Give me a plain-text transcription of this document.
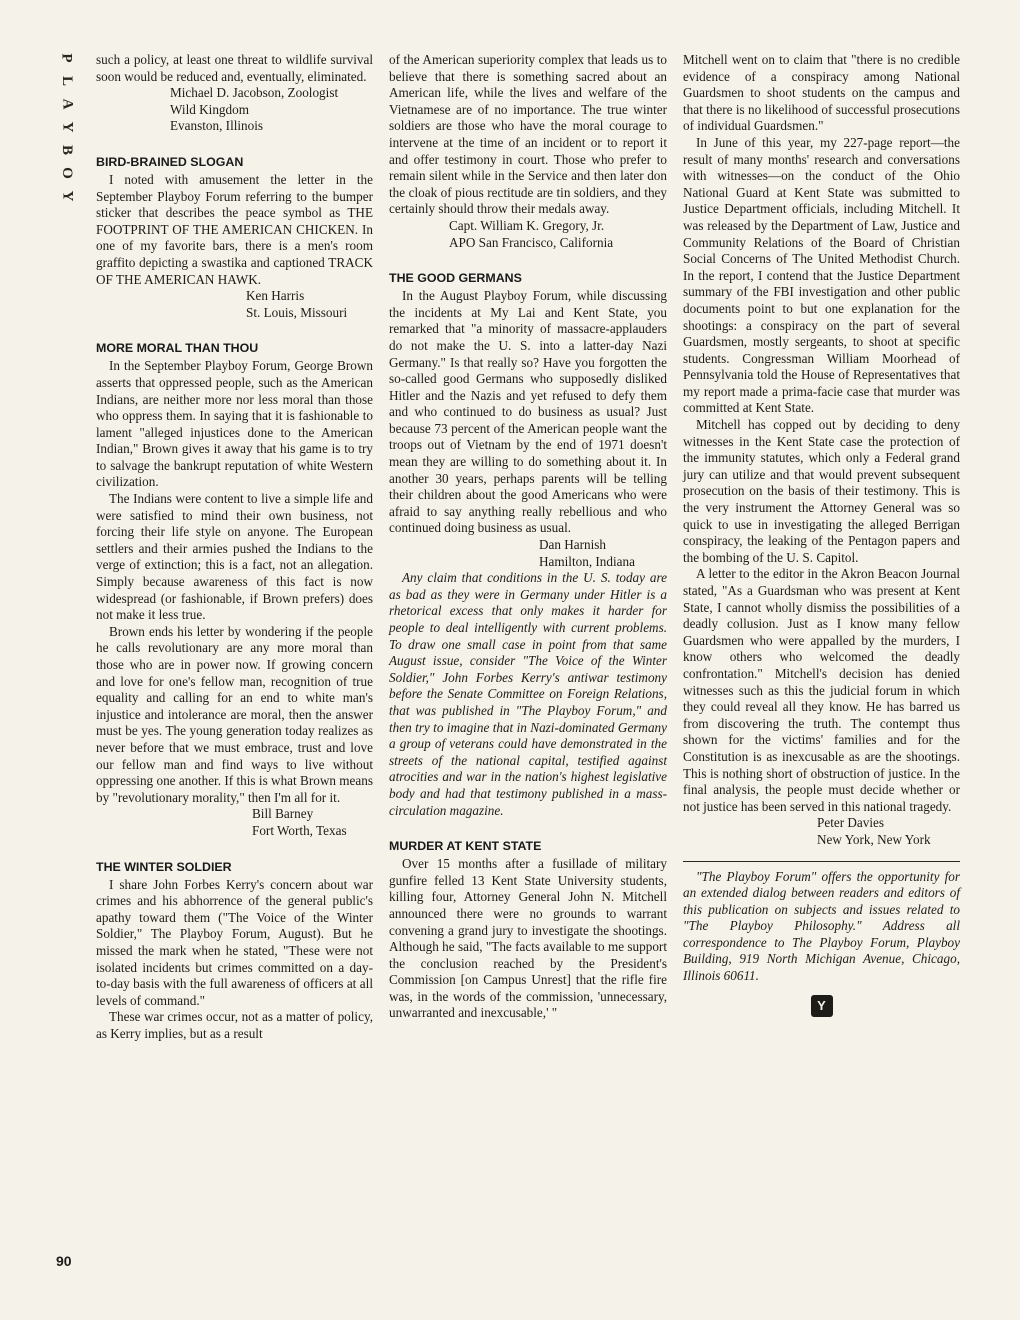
P
L
A
Y
B
O
Y
90

such a policy, at least one threat to wildlife survival soon would be reduced and, eventually, eliminated.

Michael D. Jacobson, Zoologist
Wild Kingdom
Evanston, Illinois
BIRD-BRAINED SLOGAN

I noted with amusement the letter in the September Playboy Forum referring to the bumper sticker that describes the peace symbol as THE FOOTPRINT OF THE AMERICAN CHICKEN. In one of my favorite bars, there is a men's room graffito depicting a swastika and captioned TRACK OF THE AMERICAN HAWK.

Ken Harris
St. Louis, Missouri
MORE MORAL THAN THOU

In the September Playboy Forum, George Brown asserts that oppressed people, such as the American Indians, are neither more nor less moral than those who oppress them. In saying that it is fashionable to lament "alleged injustices done to the American Indian," Brown gives it away that his game is to try to salvage the bankrupt reputation of white Western civilization.

The Indians were content to live a simple life and were satisfied to mind their own business, not forcing their life style on anyone. The European settlers and their armies pushed the Indians to the verge of extinction; this is a fact, not an allegation. Simply because awareness of this fact is now widespread (or fashionable, if Brown prefers) does not make it less true.

Brown ends his letter by wondering if the people he calls revolutionary are any more moral than those who are in power now. If growing concern and love for one's fellow man, recognition of true equality and calling for an end to white man's injustice and intolerance are moral, then the answer must be yes. The young generation today realizes as never before that we must embrace, trust and love our fellow man and find ways to live without oppressing one another. If this is what Brown means by "revolutionary morality," then I'm all for it.

Bill Barney
Fort Worth, Texas
THE WINTER SOLDIER

I share John Forbes Kerry's concern about war crimes and his abhorrence of the general public's apathy toward them ("The Voice of the Winter Soldier," The Playboy Forum, August). But he missed the mark when he stated, "These were not isolated incidents but crimes committed on a day-to-day basis with the full awareness of officers at all levels of command."

These war crimes occur, not as a matter of policy, as Kerry implies, but as a result

of the American superiority complex that leads us to believe that there is something sacred about an American life, while the lives and welfare of the Vietnamese are of no importance. The true winter soldiers are those who have the moral courage to intervene at the time of an incident or to report it and offer testimony in court. Those who prefer to remain silent while in the Service and then later don the cloak of pious rectitude are tin soldiers, and they certainly should throw their medals away.

Capt. William K. Gregory, Jr.
APO San Francisco, California
THE GOOD GERMANS

In the August Playboy Forum, while discussing the incidents at My Lai and Kent State, you remarked that "a minority of massacre-applauders do not make the U. S. into a latter-day Nazi Germany." Is that really so? Have you forgotten the so-called good Germans who supposedly disliked Hitler and the Nazis and yet refused to defy them and who continued to do business as usual? Just because 73 percent of the American people want the troops out of Vietnam by the end of 1971 doesn't mean they are willing to do something about it. In another 30 years, perhaps parents will be telling their children about the good Americans who were afraid to say anything really rebellious and who continued doing business as usual.

Dan Harnish
Hamilton, Indiana

Any claim that conditions in the U. S. today are as bad as they were in Germany under Hitler is a rhetorical excess that only makes it harder for people to deal intelligently with current problems. To draw one small case in point from that same August issue, consider "The Voice of the Winter Soldier," John Forbes Kerry's antiwar testimony before the Senate Committee on Foreign Relations, that was published in "The Playboy Forum," and then try to imagine that in Nazi-dominated Germany a group of veterans could have demonstrated in the streets of the national capital, testified against atrocities and war in the nation's highest legislative body and had that testimony published in a mass-circulation magazine.

MURDER AT KENT STATE

Over 15 months after a fusillade of military gunfire felled 13 Kent State University students, killing four, Attorney General John N. Mitchell announced there were no grounds to warrant convening a grand jury to investigate the shootings. Although he said, "The facts available to me support the conclusion reached by the President's Commission [on Campus Unrest] that the rifle fire was, in the words of the commission, 'unnecessary, unwarranted and inexcusable,' "

Mitchell went on to claim that "there is no credible evidence of a conspiracy among National Guardsmen to shoot students on the campus and that there is no likelihood of successful prosecutions of individual Guardsmen."

In June of this year, my 227-page report—the result of many months' research and conversations with witnesses—on the conduct of the Ohio National Guard at Kent State was submitted to Justice Department officials, including Mitchell. It was released by the Department of Law, Justice and Community Relations of the Board of Christian Social Concerns of The United Methodist Church. In the report, I contend that the Justice Department summary of the FBI investigation and other public documents point to but one explanation for the shootings: a conspiracy on the part of several Guardsmen, mostly sergeants, to shoot at specific students. Congressman William Moorhead of Pennsylvania told the House of Representatives that my report made a prima-facie case that murder was committed at Kent State.

Mitchell has copped out by deciding to deny witnesses in the Kent State case the protection of the immunity statutes, which only a Federal grand jury can utilize and that would prevent subsequent prosecution on the basis of their testimony. This is the very instrument the Attorney General was so quick to use in investigating the alleged Berrigan conspiracy, the leaking of the Pentagon papers and the bombing of the U. S. Capitol.

A letter to the editor in the Akron Beacon Journal stated, "As a Guardsman who was present at Kent State, I cannot wholly dismiss the possibilities of a deadly collusion. Just as I know many fellow Guardsmen who were appalled by the murders, I know others who welcomed the deadly confrontation." Mitchell's decision has denied witnesses such as this the judicial forum in which they could reveal all they know. He has barred us from discovering the truth. The contempt thus shown for the victims' families and for the Constitution is as inexcusable as are the shootings. This is nothing short of obstruction of justice. In the final analysis, the people must decide whether or not justice has been served in this national tragedy.

Peter Davies
New York, New York

"The Playboy Forum" offers the opportunity for an extended dialog between readers and editors of this publication on subjects and issues related to "The Playboy Philosophy." Address all correspondence to The Playboy Forum, Playboy Building, 919 North Michigan Avenue, Chicago, Illinois 60611.

Y
